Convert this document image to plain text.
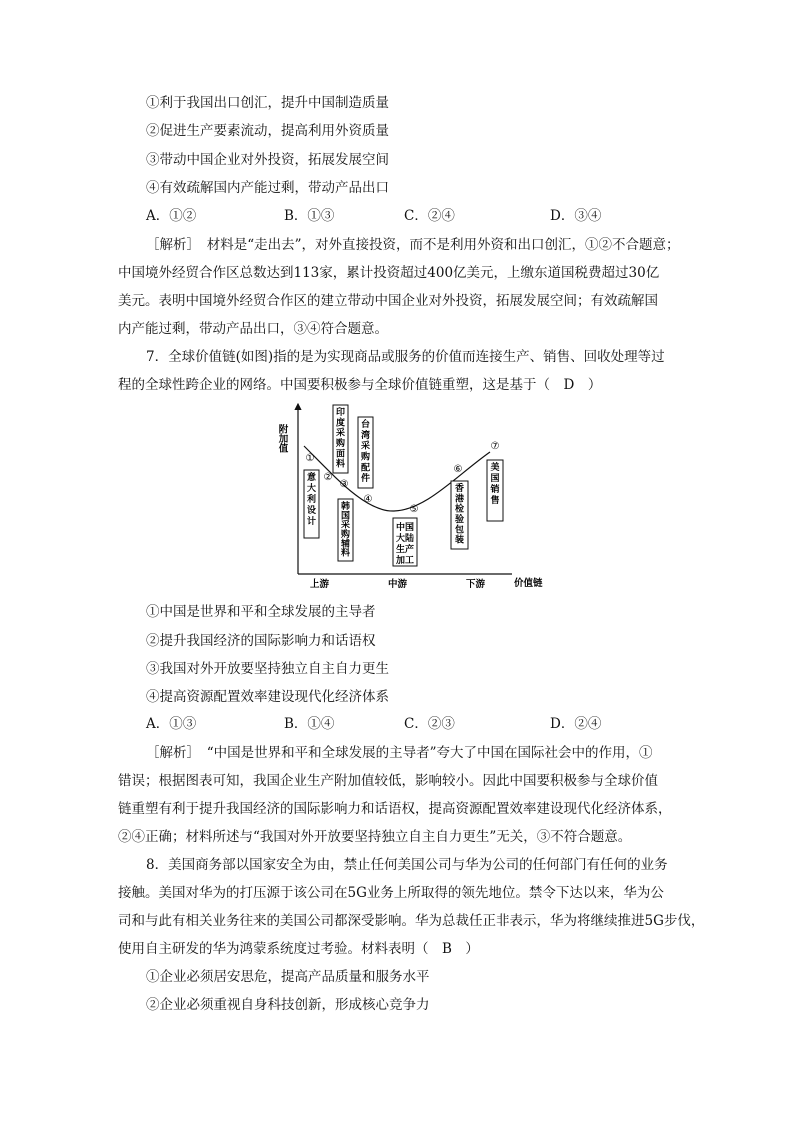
①利于我国出口创汇，提升中国制造质量
②促进生产要素流动，提高利用外资质量
③带动中国企业对外投资，拓展发展空间
④有效疏解国内产能过剩，带动产品出口
A．①②	B．①③	C．②④	D．③④
［解析］　材料是“走出去”，对外直接投资，而不是利用外资和出口创汇，①②不合题意；
中国境外经贸合作区总数达到113家，累计投资超过400亿美元，上缴东道国税费超过30亿
美元。表明中国境外经贸合作区的建立带动中国企业对外投资，拓展发展空间；有效疏解国
内产能过剩，带动产品出口，③④符合题意。
7．全球价值链(如图)指的是为实现商品或服务的价值而连接生产、销售、回收处理等过
程的全球性跨企业的网络。中国要积极参与全球价值链重塑，这是基于（　D　）
附加值
价值链
上游	中游	下游
①
意大利设计
②
印度采购面料
③
韩国采购辅料
④
台湾采购配件
⑤
中国大陆生产加工
⑥
香港检验包装
⑦
美国销售
①中国是世界和平和全球发展的主导者
②提升我国经济的国际影响力和话语权
③我国对外开放要坚持独立自主自力更生
④提高资源配置效率建设现代化经济体系
A．①③	B．①④	C．②③	D．②④
［解析］　“中国是世界和平和全球发展的主导者”夸大了中国在国际社会中的作用，①
错误；根据图表可知，我国企业生产附加值较低，影响较小。因此中国要积极参与全球价值
链重塑有利于提升我国经济的国际影响力和话语权，提高资源配置效率建设现代化经济体系，
②④正确；材料所述与“我国对外开放要坚持独立自主自力更生”无关，③不符合题意。
8．美国商务部以国家安全为由，禁止任何美国公司与华为公司的任何部门有任何的业务
接触。美国对华为的打压源于该公司在5G业务上所取得的领先地位。禁令下达以来，华为公
司和与此有相关业务往来的美国公司都深受影响。华为总裁任正非表示，华为将继续推进5G步伐，
使用自主研发的华为鸿蒙系统度过考验。材料表明（　B　）
①企业必须居安思危，提高产品质量和服务水平
②企业必须重视自身科技创新，形成核心竞争力
